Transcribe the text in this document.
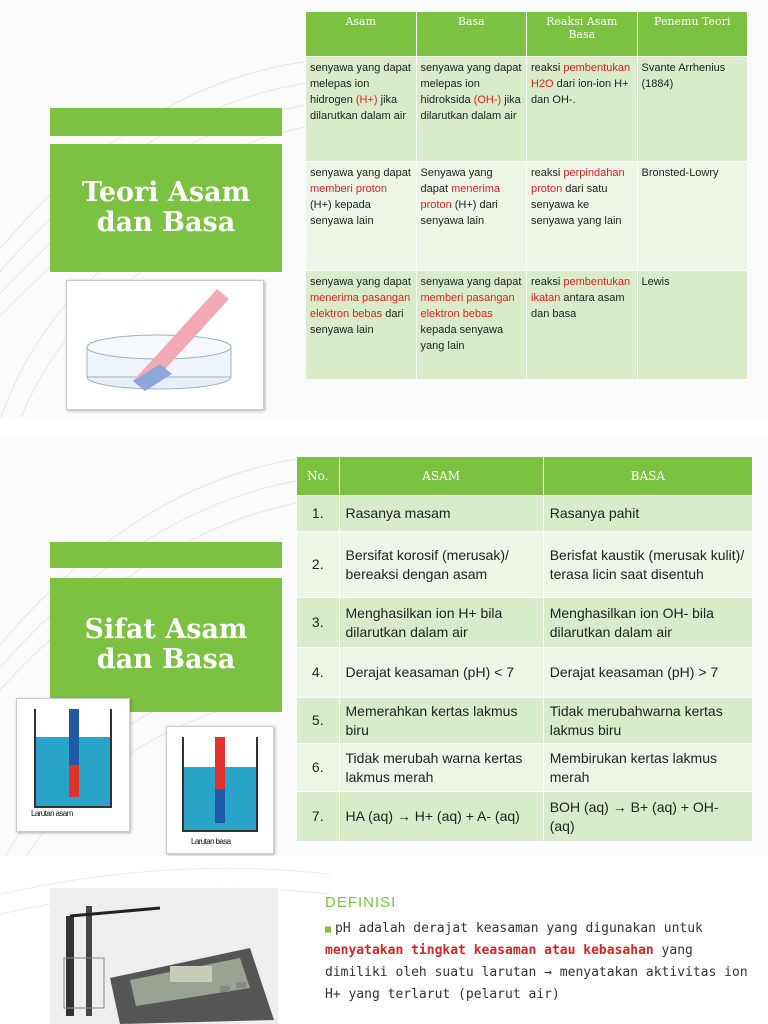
Teori Asam
dan Basa
Asam	Basa	Reaksi Asam Basa	Penemu Teori
senyawa yang dapat melepas ion hidrogen (H+) jika dilarutkan dalam air	senyawa yang dapat melepas ion hidroksida (OH-) jika dilarutkan dalam air	reaksi pembentukan H2O dari ion-ion H+ dan OH-.	Svante Arrhenius (1884)
senyawa yang dapat memberi proton (H+) kepada senyawa lain	Senyawa yang dapat menerima proton (H+) dari senyawa lain	reaksi perpindahan proton dari satu senyawa ke senyawa yang lain	Bronsted-Lowry
senyawa yang dapat menerima pasangan elektron bebas dari senyawa lain	senyawa yang dapat memberi pasangan elektron bebas kepada senyawa yang lain	reaksi pembentukan ikatan antara asam dan basa	Lewis
Sifat Asam
dan Basa
Larutan asam
Larutan basa
No.	ASAM	BASA
1.	Rasanya masam	Rasanya pahit
2.	Bersifat korosif (merusak)/ bereaksi dengan asam	Berisfat kaustik (merusak kulit)/ terasa licin saat disentuh
3.	Menghasilkan ion H+ bila dilarutkan dalam air	Menghasilkan ion OH- bila dilarutkan dalam air
4.	Derajat keasaman (pH) < 7	Derajat keasaman (pH) > 7
5.	Memerahkan kertas lakmus biru	Tidak merubahwarna kertas lakmus biru
6.	Tidak merubah warna kertas lakmus merah	Membirukan kertas lakmus merah
7.	HA (aq) → H+ (aq) + A- (aq)	BOH (aq) → B+ (aq) + OH- (aq)
DEFINISI
■ pH adalah derajat keasaman yang digunakan untuk menyatakan tingkat keasaman atau kebasahan yang dimiliki oleh suatu larutan → menyatakan aktivitas ion H+ yang terlarut (pelarut air)
